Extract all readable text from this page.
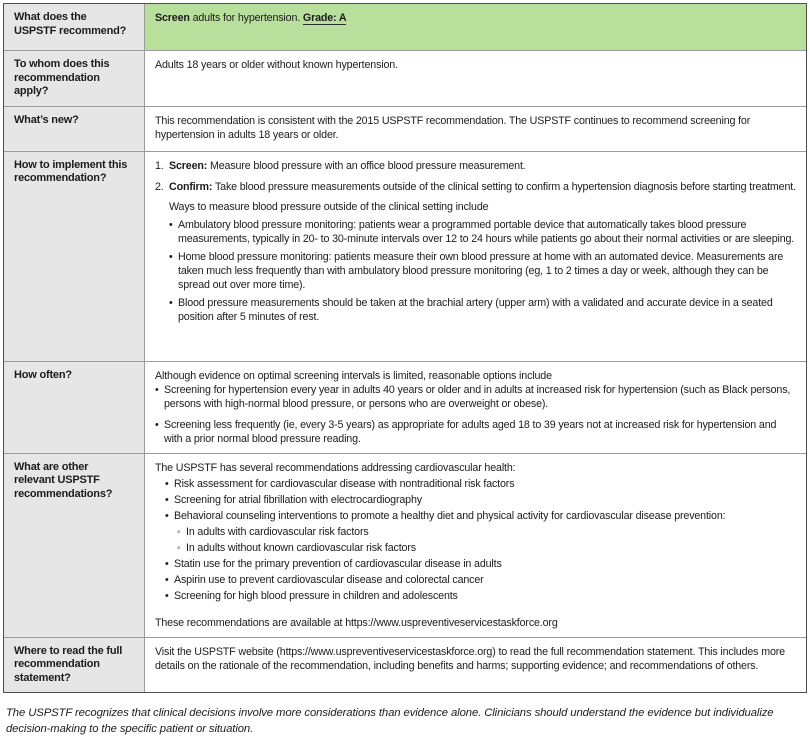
What does the USPSTF recommend?

Screen adults for hypertension. Grade: A

To whom does this recommendation apply?

Adults 18 years or older without known hypertension.

What’s new?	This recommendation is consistent with the 2015 USPSTF recommendation. The USPSTF continues to recommend screening for hypertension in adults 18 years or older.

How to implement this recommendation?
1. Screen: Measure blood pressure with an office blood pressure measurement.
2. Confirm: Take blood pressure measurements outside of the clinical setting to confirm a hypertension diagnosis before starting treatment.

Ways to measure blood pressure outside of the clinical setting include

• Ambulatory blood pressure monitoring: patients wear a programmed portable device that automatically takes blood pressure measurements, typically in 20- to 30-minute intervals over 12 to 24 hours while patients go about their normal activities or are sleeping.
• Home blood pressure monitoring: patients measure their own blood pressure at home with an automated device. Measurements are taken much less frequently than with ambulatory blood pressure monitoring (eg, 1 to 2 times a day or week, although they can be spread out over more time).
• Blood pressure measurements should be taken at the brachial artery (upper arm) with a validated and accurate device in a seated position after 5 minutes of rest.
How often?	Although evidence on optimal screening intervals is limited, reasonable options include

• Screening for hypertension every year in adults 40 years or older and in adults at increased risk for hypertension (such as Black persons, persons with high-normal blood pressure, or persons who are overweight or obese).
• Screening less frequently (ie, every 3-5 years) as appropriate for adults aged 18 to 39 years not at increased risk for hypertension and with a prior normal blood pressure reading.
What are other relevant USPSTF recommendations?

The USPSTF has several recommendations addressing cardiovascular health:

• Risk assessment for cardiovascular disease with nontraditional risk factors
• Screening for atrial fibrillation with electrocardiography
• Behavioral counseling interventions to promote a healthy diet and physical activity for cardiovascular disease prevention:
◦ In adults with cardiovascular risk factors
◦ In adults without known cardiovascular risk factors
• Statin use for the primary prevention of cardiovascular disease in adults
• Aspirin use to prevent cardiovascular disease and colorectal cancer
• Screening for high blood pressure in children and adolescents

These recommendations are available at https://www.uspreventiveservicestaskforce.org

Where to read the full recommendation statement?

Visit the USPSTF website (https://www.uspreventiveservicestaskforce.org) to read the full recommendation statement. This includes more details on the rationale of the recommendation, including benefits and harms; supporting evidence; and recommendations of others.

The USPSTF recognizes that clinical decisions involve more considerations than evidence alone. Clinicians should understand the evidence but individualize decision-making to the specific patient or situation.
